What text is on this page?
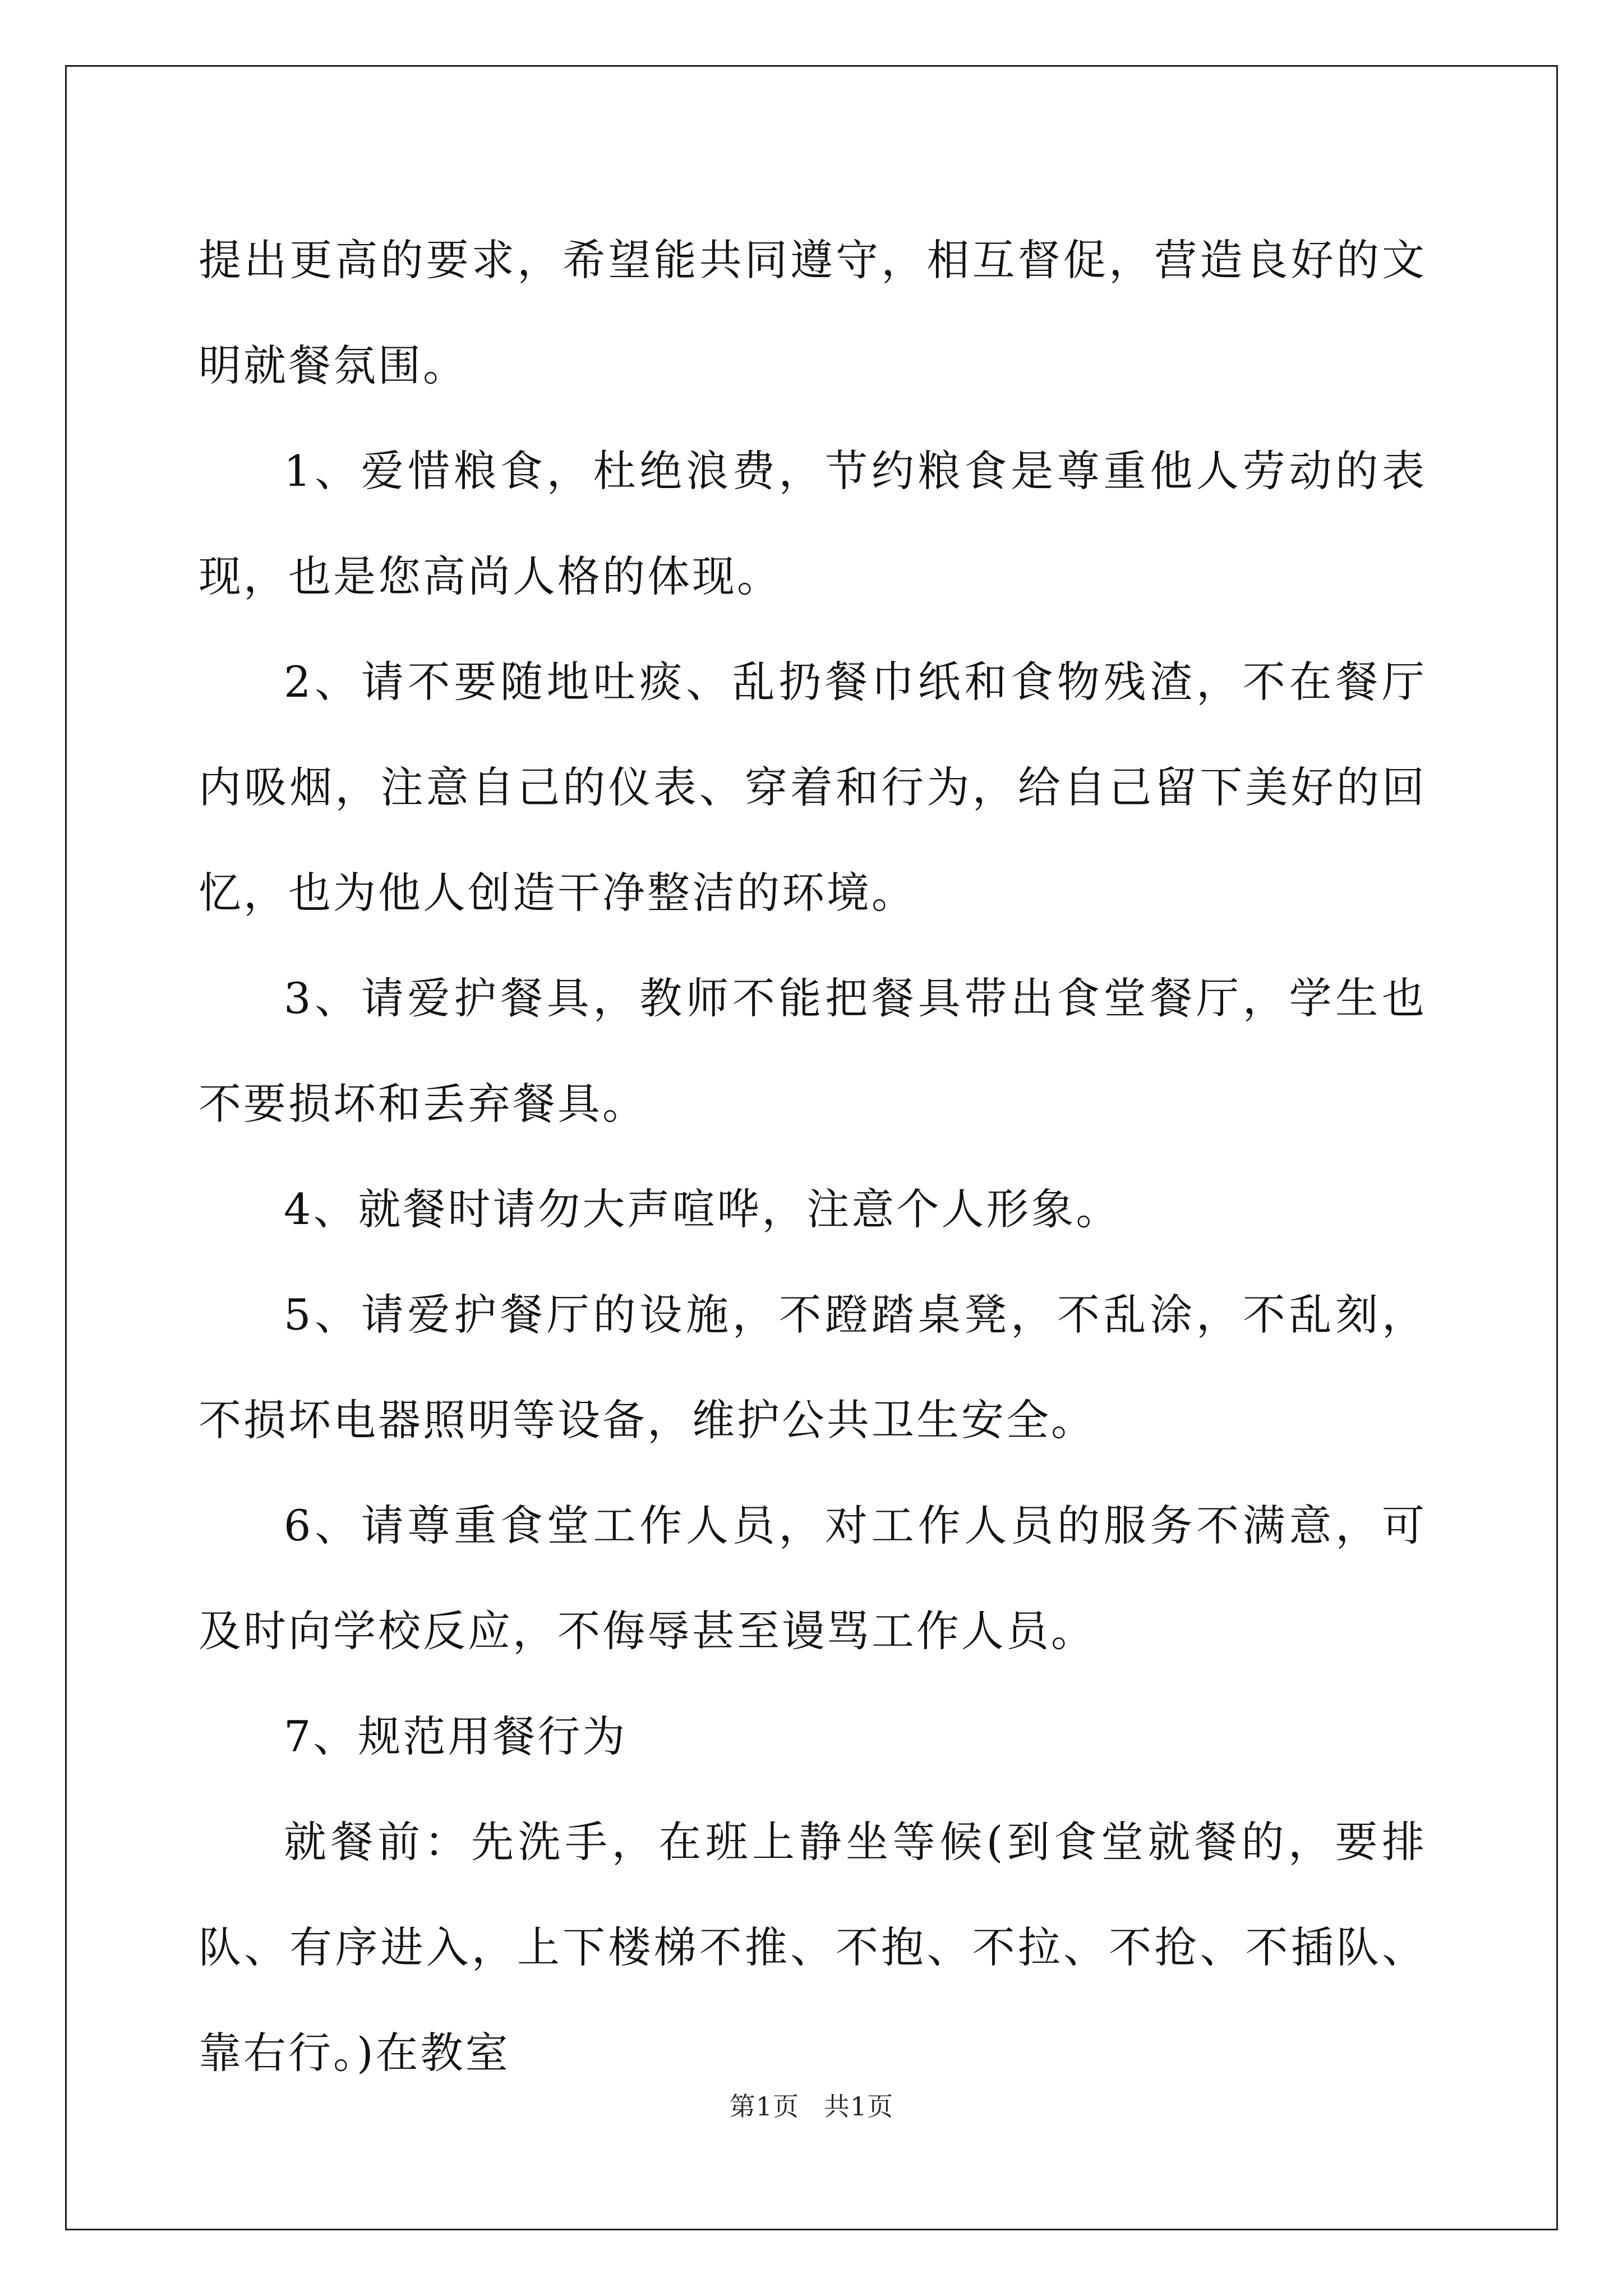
提出更高的要求，希望能共同遵守，相互督促，营造良好的文明就餐氛围。

1、爱惜粮食，杜绝浪费，节约粮食是尊重他人劳动的表现，也是您高尚人格的体现。

2、请不要随地吐痰、乱扔餐巾纸和食物残渣，不在餐厅内吸烟，注意自己的仪表、穿着和行为，给自己留下美好的回忆，也为他人创造干净整洁的环境。

3、请爱护餐具，教师不能把餐具带出食堂餐厅，学生也不要损坏和丢弃餐具。

4、就餐时请勿大声喧哗，注意个人形象。

5、请爱护餐厅的设施，不蹬踏桌凳，不乱涂，不乱刻，不损坏电器照明等设备，维护公共卫生安全。

6、请尊重食堂工作人员，对工作人员的服务不满意，可及时向学校反应，不侮辱甚至谩骂工作人员。

7、规范用餐行为

就餐前：先洗手，在班上静坐等候(到食堂就餐的，要排队、有序进入，上下楼梯不推、不抱、不拉、不抢、不插队、靠右行。)在教室

第1页 共1页
